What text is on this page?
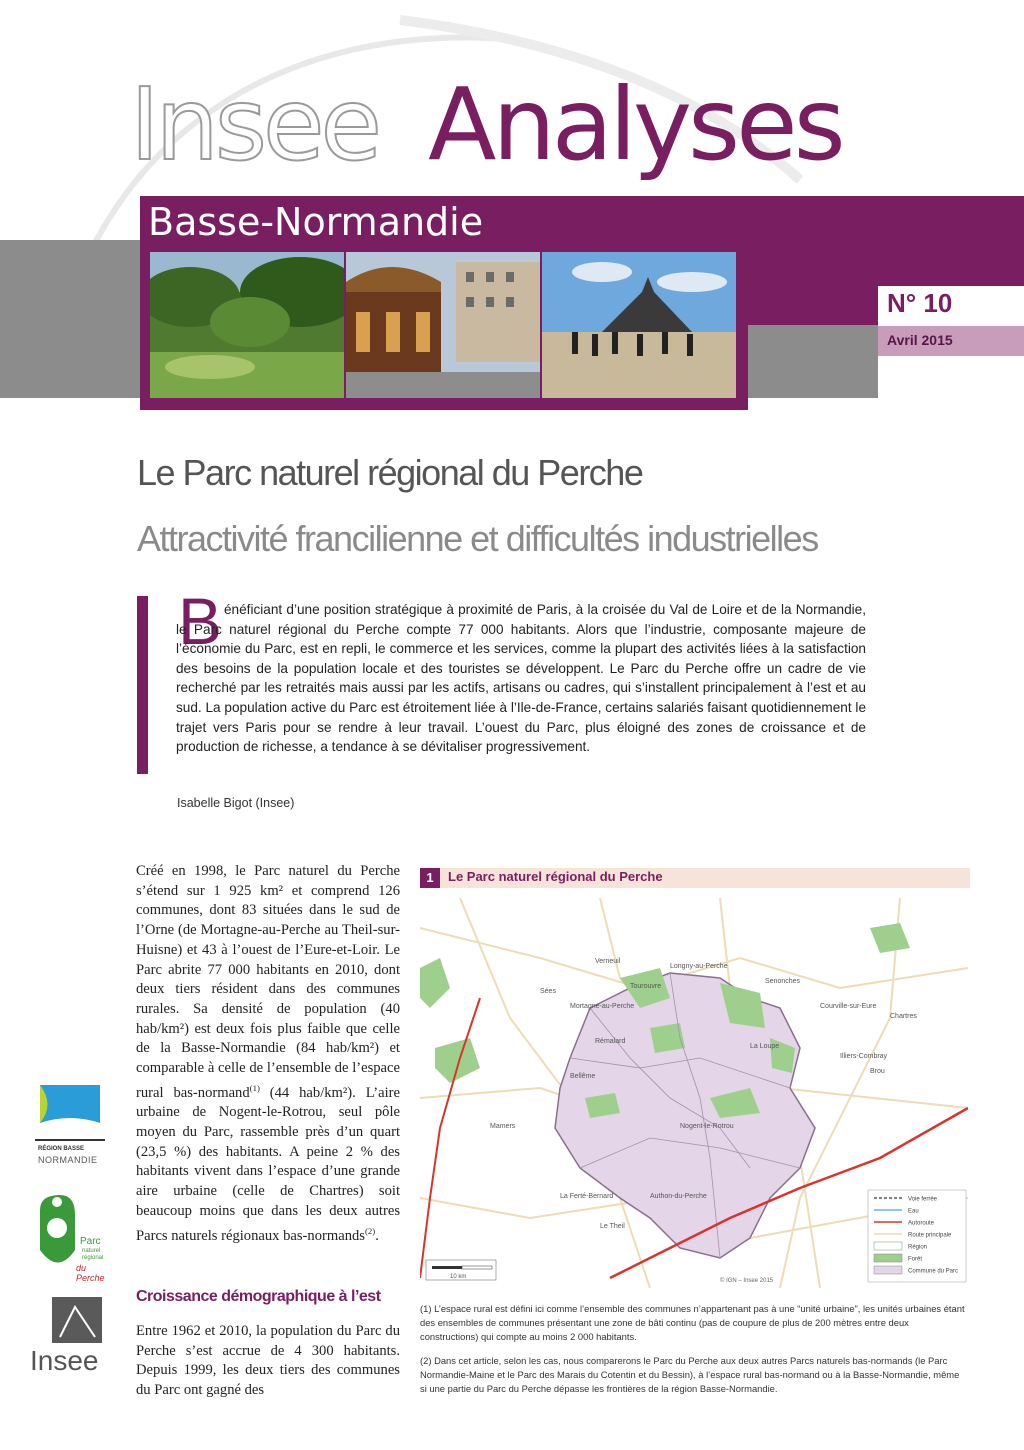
Insee Analyses
Basse-Normandie
N° 10
Avril 2015
Le Parc naturel régional du Perche
Attractivité francilienne et difficultés industrielles
B énéficiant d’une position stratégique à proximité de Paris, à la croisée du Val de Loire et de la Normandie, le Parc naturel régional du Perche compte 77 000 habitants. Alors que l’industrie, composante majeure de l’économie du Parc, est en repli, le commerce et les services, comme la plupart des activités liées à la satisfaction des besoins de la population locale et des touristes se développent. Le Parc du Perche offre un cadre de vie recherché par les retraités mais aussi par les actifs, artisans ou cadres, qui s’installent principalement à l’est et au sud. La population active du Parc est étroitement liée à l’Ile-de-France, certains salariés faisant quotidiennement le trajet vers Paris pour se rendre à leur travail. L’ouest du Parc, plus éloigné des zones de croissance et de production de richesse, a tendance à se dévitaliser progressivement.
Isabelle Bigot (Insee)
Créé en 1998, le Parc naturel du Perche s’étend sur 1 925 km² et comprend 126 communes, dont 83 situées dans le sud de l’Orne (de Mortagne-au-Perche au Theil-sur-Huisne) et 43 à l’ouest de l’Eure-et-Loir. Le Parc abrite 77 000 habitants en 2010, dont deux tiers résident dans des communes rurales. Sa densité de population (40 hab/km²) est deux fois plus faible que celle de la Basse-Normandie (84 hab/km²) et comparable à celle de l’ensemble de l’espace rural bas-normand$^{(1)}$ (44 hab/km²). L’aire urbaine de Nogent-le-Rotrou, seul pôle moyen du Parc, rassemble près d’un quart (23,5 %) des habitants. A peine 2 % des habitants vivent dans l’espace d’une grande aire urbaine (celle de Chartres) soit beaucoup moins que dans les deux autres Parcs naturels régionaux bas-normands$^{(2)}$.
Croissance démographique à l’est
Entre 1962 et 2010, la population du Parc du Perche s’est accrue de 4 300 habitants. Depuis 1999, les deux tiers des communes du Parc ont gagné des
RÉGION BASSE
NORMANDIE
Parc
naturel
régional
du Perche
Insee
1	Le Parc naturel régional du Perche
Sées
Mortagne-au-Perche
Bellême
Nogent-le-Rotrou
La Loupe
Mamers
Chartres
La Ferté-Bernard
Illiers-Combray
Tourouvre
Longny-au-Perche
Rémalard
Courville-sur-Eure
Authon-du-Perche
Le Theil
Senonches
Verneuil
Brou
10 km
Voie ferrée
Eau
Autoroute
Route principale
Région
Forêt
Commune du Parc
© IGN – Insee 2015

(1) L’espace rural est défini ici comme l’ensemble des communes n’appartenant pas à une “unité urbaine”, les unités urbaines étant des ensembles de communes présentant une zone de bâti continu (pas de coupure de plus de 200 mètres entre deux constructions) qui compte au moins 2 000 habitants.

(2) Dans cet article, selon les cas, nous comparerons le Parc du Perche aux deux autres Parcs naturels bas-normands (le Parc Normandie-Maine et le Parc des Marais du Cotentin et du Bessin), à l’espace rural bas-normand ou à la Basse-Normandie, même si une partie du Parc du Perche dépasse les frontières de la région Basse-Normandie.
